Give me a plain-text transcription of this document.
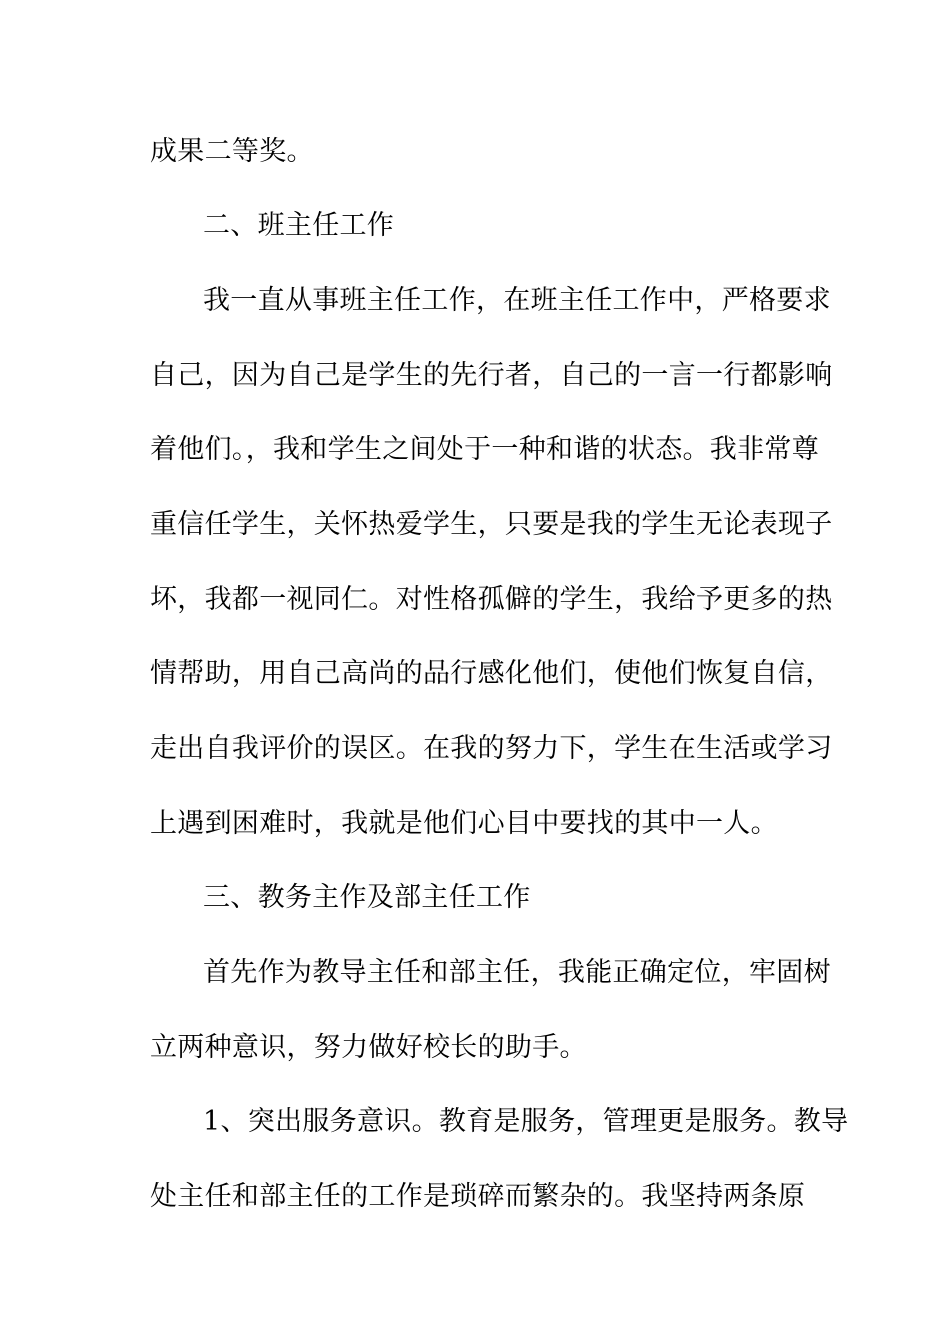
成果二等奖。
二、班主任工作
我一直从事班主任工作，在班主任工作中，严格要求
自己，因为自己是学生的先行者，自己的一言一行都影响
着他们。，我和学生之间处于一种和谐的状态。我非常尊
重信任学生，关怀热爱学生，只要是我的学生无论表现子
坏，我都一视同仁。对性格孤僻的学生，我给予更多的热
情帮助，用自己高尚的品行感化他们，使他们恢复自信，
走出自我评价的误区。在我的努力下，学生在生活或学习
上遇到困难时，我就是他们心目中要找的其中一人。
三、教务主作及部主任工作
首先作为教导主任和部主任，我能正确定位，牢固树
立两种意识，努力做好校长的助手。
1、突出服务意识。教育是服务，管理更是服务。教导
处主任和部主任的工作是琐碎而繁杂的。我坚持两条原
